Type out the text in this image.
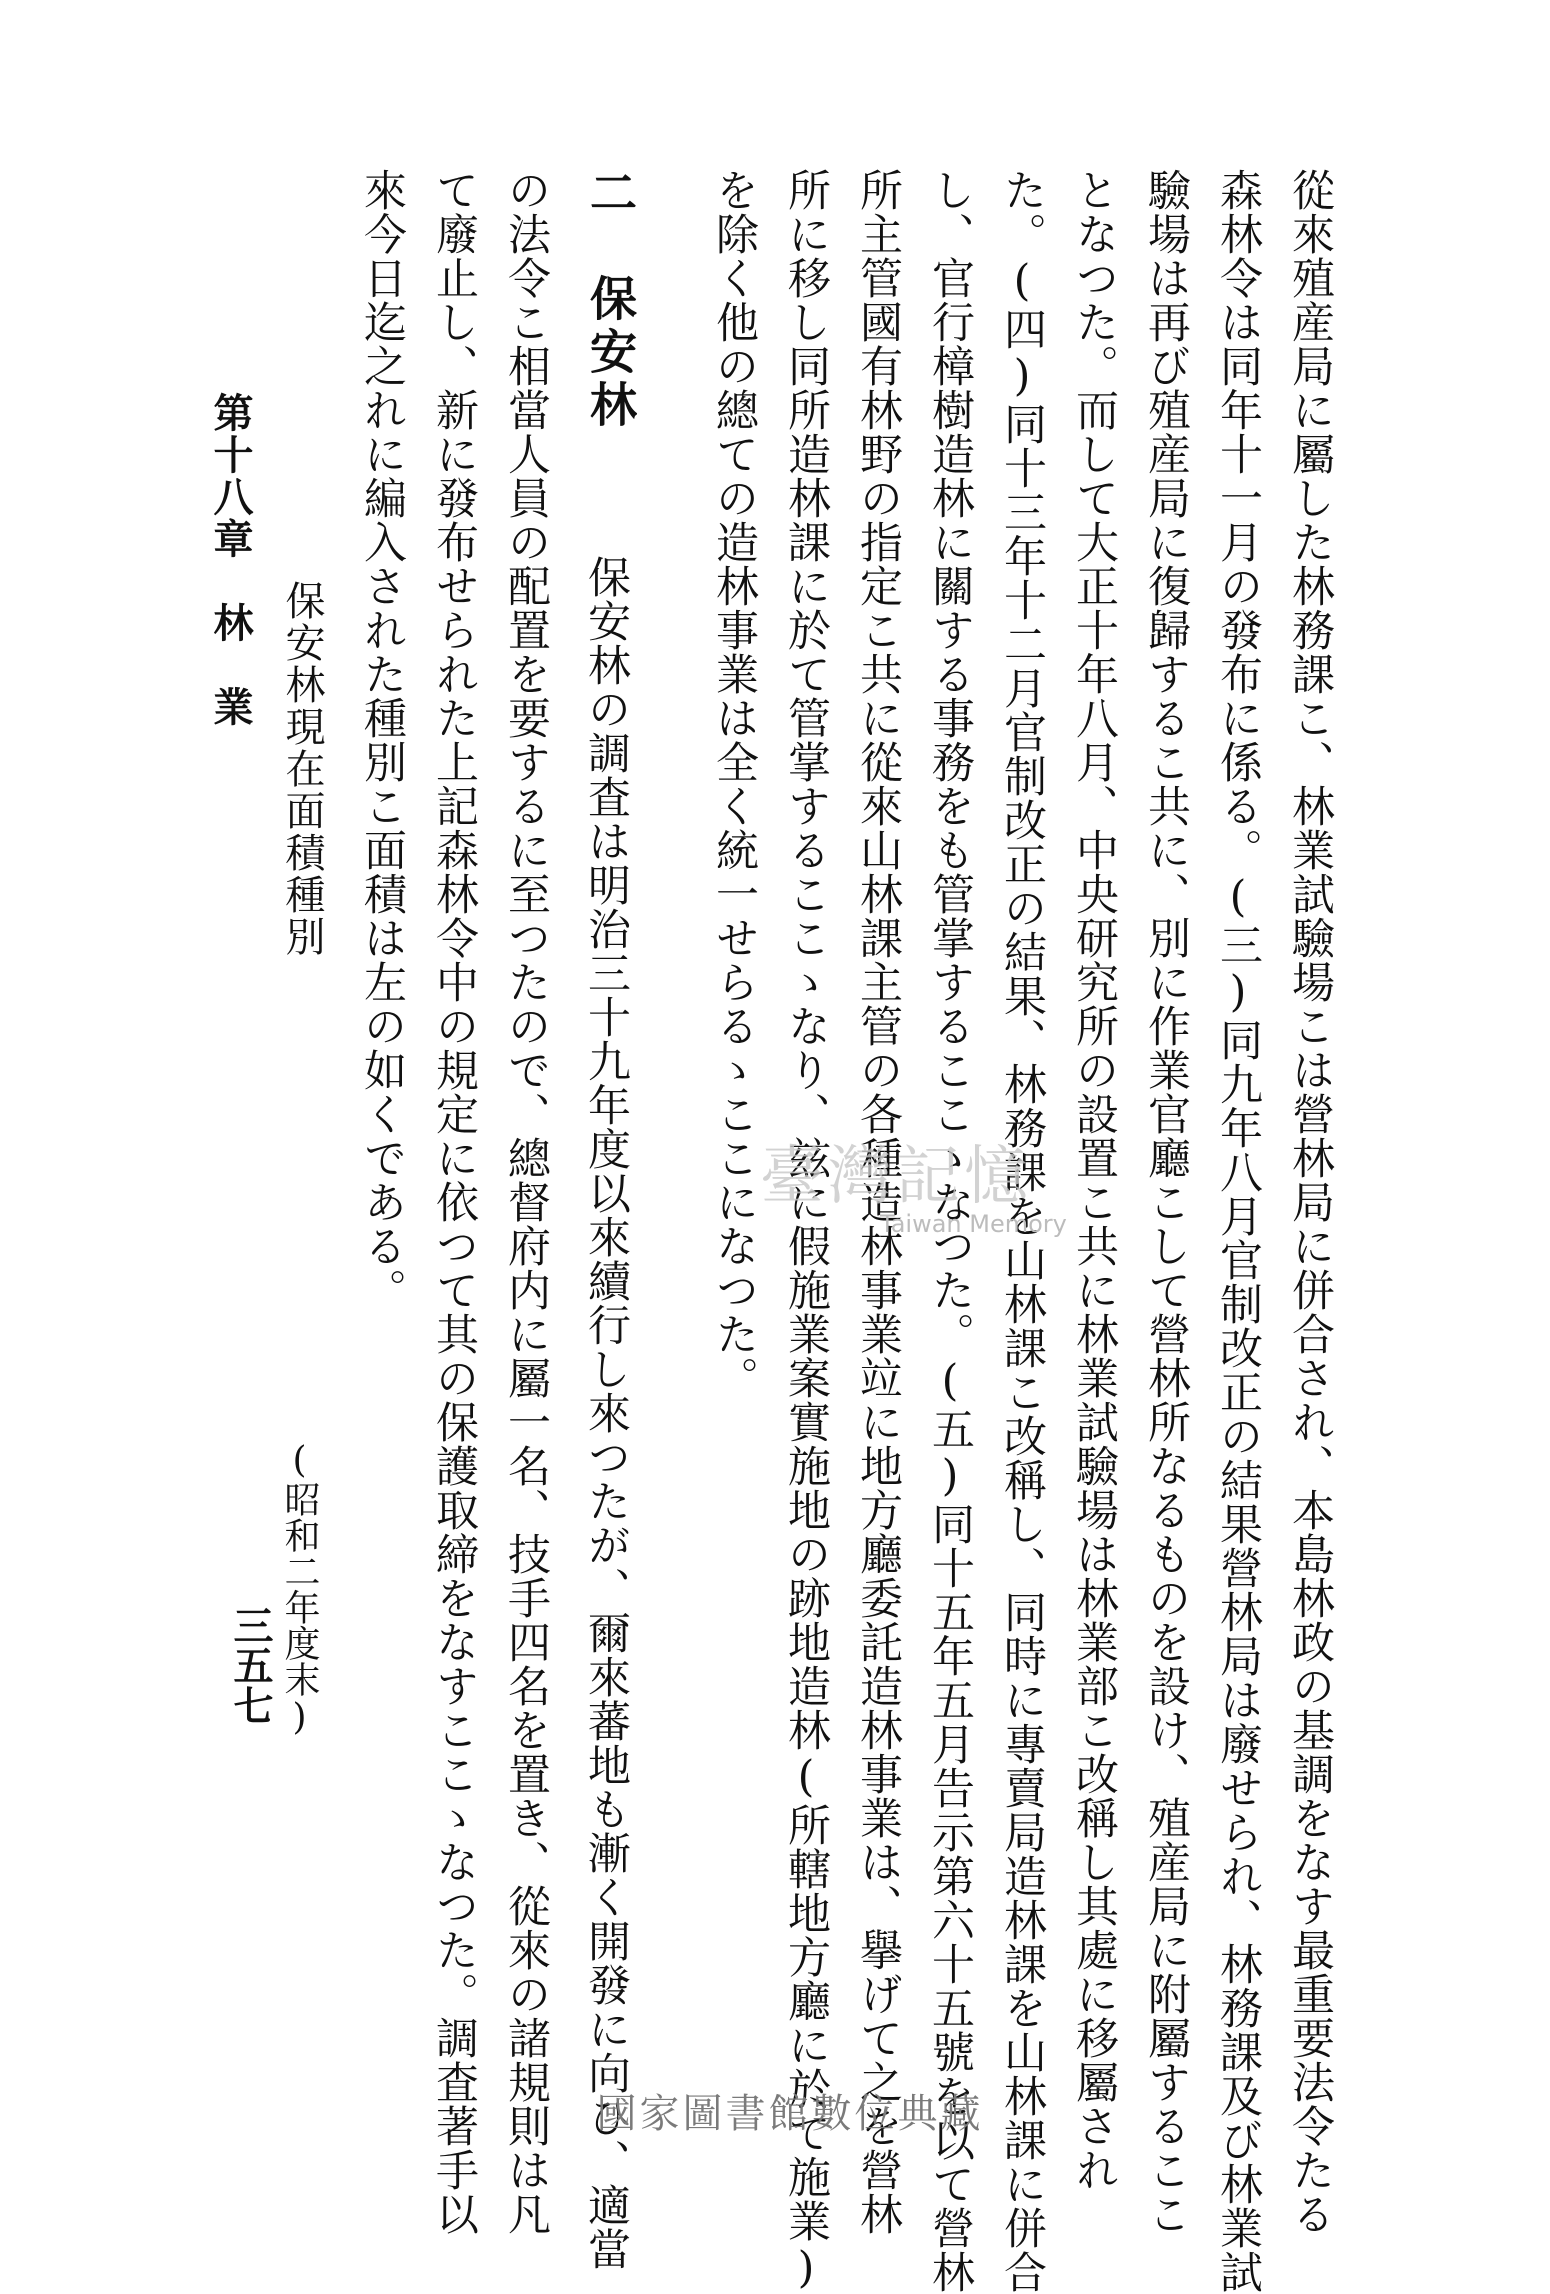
從來殖産局に屬した林務課こ、林業試驗場こは營林局に併合され、本島林政の基調をなす最重要法令たる
森林令は同年十一月の發布に係る。(三)同九年八月官制改正の結果營林局は廢せられ、林務課及び林業試
驗場は再び殖産局に復歸するこ共に、別に作業官廳こして營林所なるものを設け、殖産局に附屬するここ
となつた。而して大正十年八月、中央研究所の設置こ共に林業試驗場は林業部こ改稱し其處に移屬され
た。(四)同十三年十二月官制改正の結果、林務課を山林課こ改稱し、同時に專賣局造林課を山林課に併合
し、官行樟樹造林に關する事務をも管掌するここゝなつた。(五)同十五年五月告示第六十五號を以て營林
所主管國有林野の指定こ共に從來山林課主管の各種造林事業竝に地方廳委託造林事業は、擧げて之を營林
所に移し同所造林課に於て管掌するここゝなり、玆に假施業案實施地の跡地造林(所轄地方廳に於て施業)
を除く他の總ての造林事業は全く統一せらるゝここになつた。
二　保安林
保安林の調査は明治三十九年度以來續行し來つたが、爾來蕃地も漸く開發に向ひ、適當
の法令こ相當人員の配置を要するに至つたので、總督府内に屬一名、技手四名を置き、從來の諸規則は凡
て廢止し、新に發布せられた上記森林令中の規定に依つて其の保護取締をなすここゝなつた。調査著手以
來今日迄之れに編入された種別こ面積は左の如くである。
保安林現在面積種別
(昭和二年度末)
第十八章　林　業
三五七
臺灣記憶
Taiwan Memory
國家圖書館數位典藏
